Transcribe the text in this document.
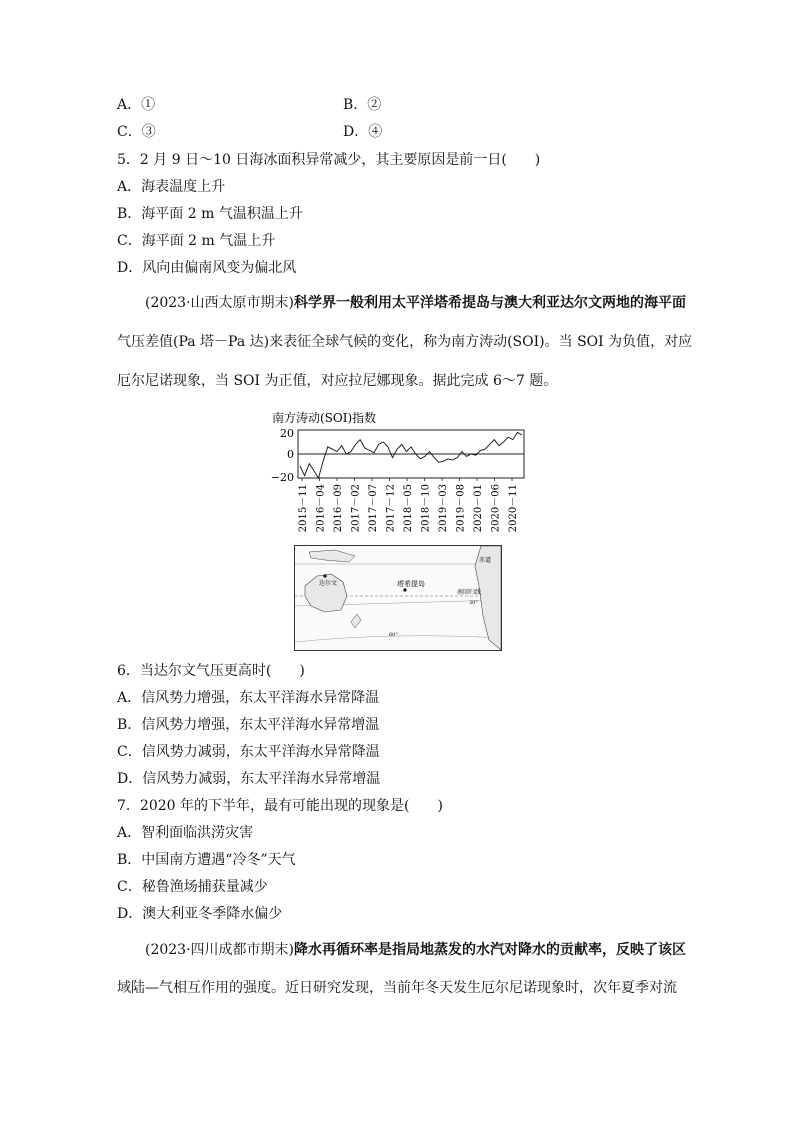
A．①	B．②
C．③	D．④
5．2 月 9 日～10 日海冰面积异常减少，其主要原因是前一日(　　)
A．海表温度上升
B．海平面 2 m 气温积温上升
C．海平面 2 m 气温上升
D．风向由偏南风变为偏北风
(2023·山西太原市期末)科学界一般利用太平洋塔希提岛与澳大利亚达尔文两地的海平面
气压差值(Pa 塔－Pa 达)来表征全球气候的变化，称为南方涛动(SOI)。当 SOI 为负值，对应
厄尔尼诺现象，当 SOI 为正值，对应拉尼娜现象。据此完成 6～7 题。
南方涛动(SOI)指数
20
0
−20
2015－11 2016－04 2016－09 2017－02 2017－07 2017－12 2018－05 2018－10 2019－03 2019－08 2020－01 2020－06 2020－11
达尔文	塔希提岛
赤道
南回归线
30°
60°
6．当达尔文气压更高时(　　)
A．信风势力增强，东太平洋海水异常降温
B．信风势力增强，东太平洋海水异常增温
C．信风势力减弱，东太平洋海水异常降温
D．信风势力减弱，东太平洋海水异常增温
7．2020 年的下半年，最有可能出现的现象是(　　)
A．智利面临洪涝灾害
B．中国南方遭遇“冷冬”天气
C．秘鲁渔场捕获量减少
D．澳大利亚冬季降水偏少
(2023·四川成都市期末)降水再循环率是指局地蒸发的水汽对降水的贡献率，反映了该区
域陆—气相互作用的强度。近日研究发现，当前年冬天发生厄尔尼诺现象时，次年夏季对流
